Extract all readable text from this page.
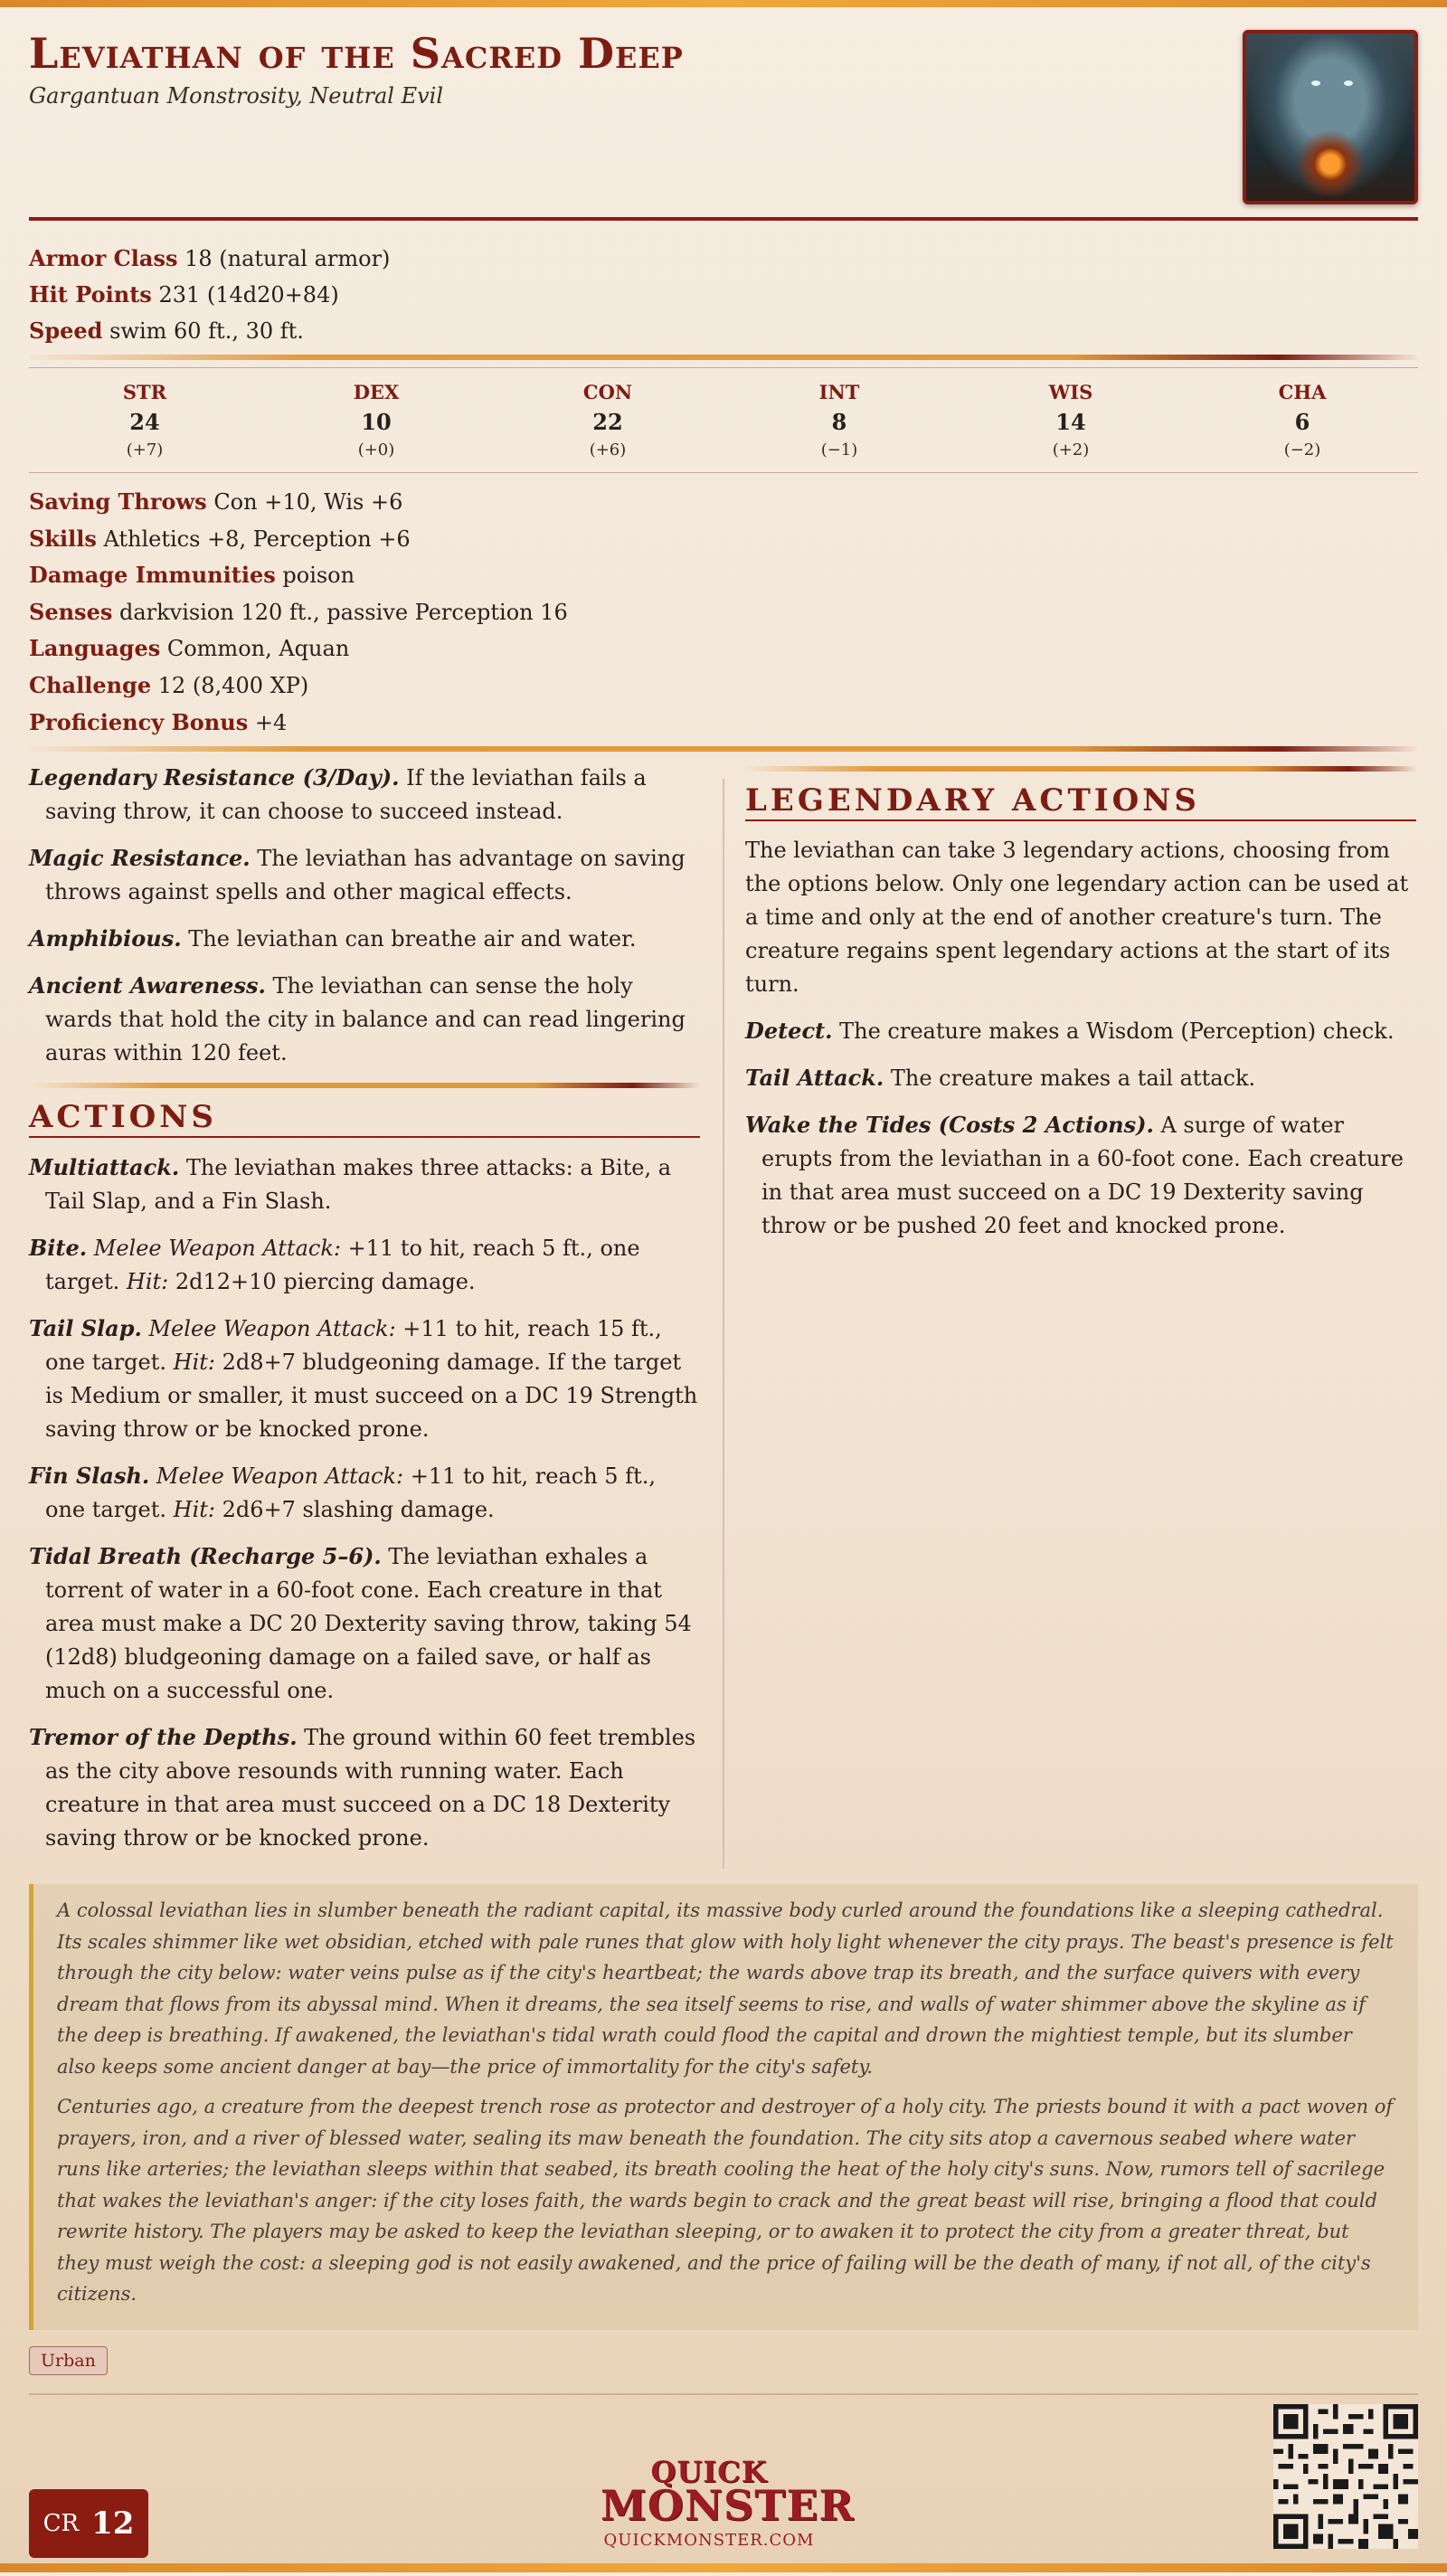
Leviathan of the Sacred Deep
Gargantuan Monstrosity, Neutral Evil
Armor Class 18 (natural armor)
Hit Points 231 (14d20+84)
Speed swim 60 ft., 30 ft.
STR
24
(+7)
DEX
10
(+0)
CON
22
(+6)
INT
8
(−1)
WIS
14
(+2)
CHA
6
(−2)
Saving Throws Con +10, Wis +6
Skills Athletics +8, Perception +6
Damage Immunities poison
Senses darkvision 120 ft., passive Perception 16
Languages Common, Aquan
Challenge 12 (8,400 XP)
Proficiency Bonus +4
Legendary Resistance (3/Day). If the leviathan fails a saving throw, it can choose to succeed instead.
Magic Resistance. The leviathan has advantage on saving throws against spells and other magical effects.
Amphibious. The leviathan can breathe air and water.
Ancient Awareness. The leviathan can sense the holy wards that hold the city in balance and can read lingering auras within 120 feet.
ACTIONS
Multiattack. The leviathan makes three attacks: a Bite, a Tail Slap, and a Fin Slash.
Bite. Melee Weapon Attack: +11 to hit, reach 5 ft., one target. Hit: 2d12+10 piercing damage.
Tail Slap. Melee Weapon Attack: +11 to hit, reach 15 ft., one target. Hit: 2d8+7 bludgeoning damage. If the target is Medium or smaller, it must succeed on a DC 19 Strength saving throw or be knocked prone.
Fin Slash. Melee Weapon Attack: +11 to hit, reach 5 ft., one target. Hit: 2d6+7 slashing damage.
Tidal Breath (Recharge 5–6). The leviathan exhales a torrent of water in a 60-foot cone. Each creature in that area must make a DC 20 Dexterity saving throw, taking 54 (12d8) bludgeoning damage on a failed save, or half as much on a successful one.
Tremor of the Depths. The ground within 60 feet trembles as the city above resounds with running water. Each creature in that area must succeed on a DC 18 Dexterity saving throw or be knocked prone.
LEGENDARY ACTIONS
The leviathan can take 3 legendary actions, choosing from the options below. Only one legendary action can be used at a time and only at the end of another creature's turn. The creature regains spent legendary actions at the start of its turn.
Detect. The creature makes a Wisdom (Perception) check.
Tail Attack. The creature makes a tail attack.
Wake the Tides (Costs 2 Actions). A surge of water erupts from the leviathan in a 60-foot cone. Each creature in that area must succeed on a DC 19 Dexterity saving throw or be pushed 20 feet and knocked prone.

A colossal leviathan lies in slumber beneath the radiant capital, its massive body curled around the foundations like a sleeping cathedral. Its scales shimmer like wet obsidian, etched with pale runes that glow with holy light whenever the city prays. The beast's presence is felt through the city below: water veins pulse as if the city's heartbeat; the wards above trap its breath, and the surface quivers with every dream that flows from its abyssal mind. When it dreams, the sea itself seems to rise, and walls of water shimmer above the skyline as if the deep is breathing. If awakened, the leviathan's tidal wrath could flood the capital and drown the mightiest temple, but its slumber also keeps some ancient danger at bay—the price of immortality for the city's safety.

Centuries ago, a creature from the deepest trench rose as protector and destroyer of a holy city. The priests bound it with a pact woven of prayers, iron, and a river of blessed water, sealing its maw beneath the foundation. The city sits atop a cavernous seabed where water runs like arteries; the leviathan sleeps within that seabed, its breath cooling the heat of the holy city's suns. Now, rumors tell of sacrilege that wakes the leviathan's anger: if the city loses faith, the wards begin to crack and the great beast will rise, bringing a flood that could rewrite history. The players may be asked to keep the leviathan sleeping, or to awaken it to protect the city from a greater threat, but they must weigh the cost: a sleeping god is not easily awakened, and the price of failing will be the death of many, if not all, of the city's citizens.

Urban
CR 12
QUICK
MONSTER
QUICKMONSTER.COM
